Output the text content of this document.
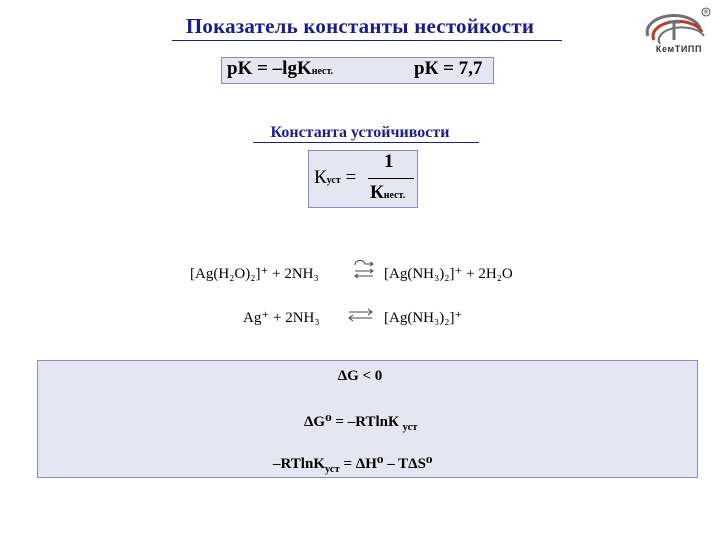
Показатель константы нестойкости
®
КемТИПП
pK = –lgKнест.	pК = 7,7
Константа устойчивости
Куст =
1
Кнест.
[Ag(H₂O)₂]⁺ + 2NH₃	[Ag(NH₃)₂]⁺ + 2H₂O
Ag⁺ + 2NH₃ ⇌ [Ag(NH₃)₂]⁺
ΔG < 0
ΔG⁰ = –RTlnК $_{уст}$
–RTlnK$_{уст}$ = ΔH⁰ – TΔS⁰
